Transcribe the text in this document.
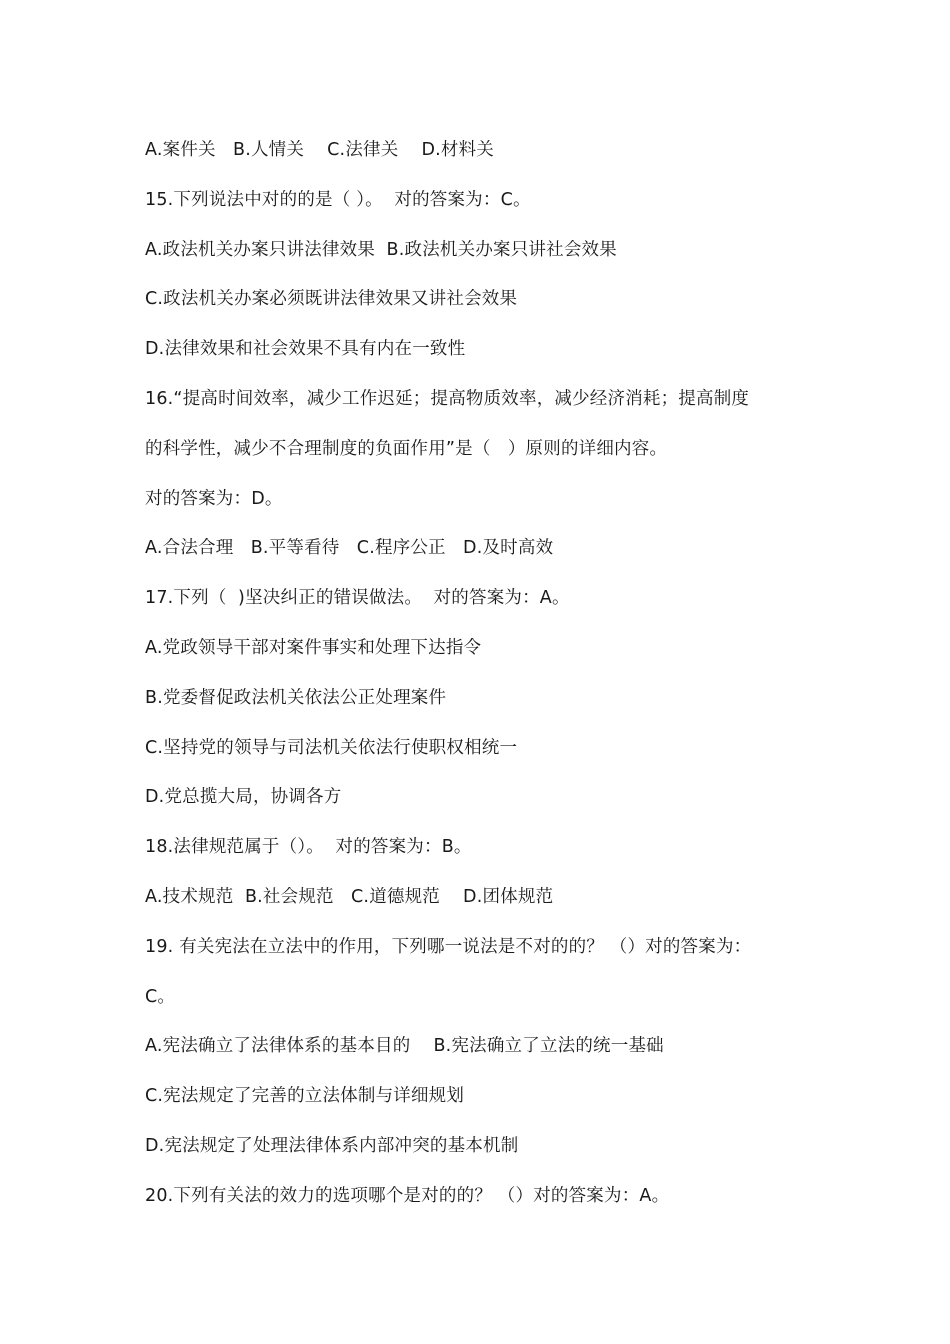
A.案件关   B.人情关    C.法律关    D.材料关
15.下列说法中对的的是（ ）。  对的答案为：C。
A.政法机关办案只讲法律效果  B.政法机关办案只讲社会效果
C.政法机关办案必须既讲法律效果又讲社会效果
D.法律效果和社会效果不具有内在一致性
16.“提高时间效率，减少工作迟延；提高物质效率，减少经济消耗；提高制度
的科学性，减少不合理制度的负面作用”是（   ）原则的详细内容。
对的答案为：D。
A.合法合理   B.平等看待   C.程序公正   D.及时高效
17.下列（  )坚决纠正的错误做法。  对的答案为：A。
A.党政领导干部对案件事实和处理下达指令
B.党委督促政法机关依法公正处理案件
C.坚持党的领导与司法机关依法行使职权相统一
D.党总揽大局，协调各方
18.法律规范属于（）。  对的答案为：B。
A.技术规范  B.社会规范   C.道德规范    D.团体规范
19. 有关宪法在立法中的作用，下列哪一说法是不对的的？ （）对的答案为：
C。
A.宪法确立了法律体系的基本目的    B.宪法确立了立法的统一基础
C.宪法规定了完善的立法体制与详细规划
D.宪法规定了处理法律体系内部冲突的基本机制
20.下列有关法的效力的选项哪个是对的的？ （）对的答案为：A。
